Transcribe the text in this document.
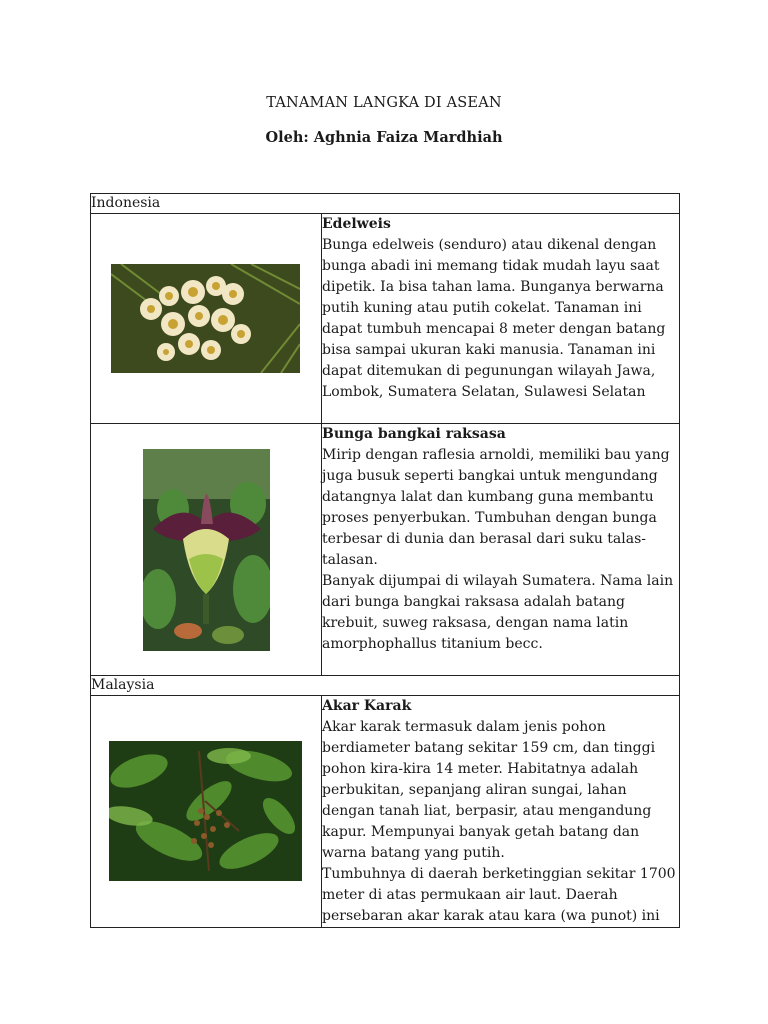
TANAMAN LANGKA DI ASEAN
Oleh: Aghnia Faiza Mardhiah
Indonesia	

Edelweis
Bunga edelweis (senduro) atau dikenal dengan bunga abadi ini memang tidak mudah layu saat dipetik. Ia bisa tahan lama. Bunganya berwarna putih kuning atau putih cokelat. Tanaman ini dapat tumbuh mencapai 8 meter dengan batang bisa sampai ukuran kaki manusia. Tanaman ini dapat ditemukan di pegunungan wilayah Jawa, Lombok, Sumatera Selatan, Sulawesi Selatan

Bunga bangkai raksasa
Mirip dengan raflesia arnoldi, memiliki bau yang juga busuk seperti bangkai untuk mengundang datangnya lalat dan kumbang guna membantu proses penyerbukan. Tumbuhan dengan bunga terbesar di dunia dan berasal dari suku talas-talasan.
Banyak dijumpai di wilayah Sumatera. Nama lain dari bunga bangkai raksasa adalah batang krebuit, suweg raksasa, dengan nama latin amorphophallus titanium becc.

Malaysia	

Akar Karak
Akar karak termasuk dalam jenis pohon berdiameter batang sekitar 159 cm, dan tinggi pohon kira-kira 14 meter. Habitatnya adalah perbukitan, sepanjang aliran sungai, lahan dengan tanah liat, berpasir, atau mengandung kapur. Mempunyai banyak getah batang dan warna batang yang putih.
Tumbuhnya di daerah berketinggian sekitar 1700 meter di atas permukaan air laut. Daerah persebaran akar karak atau kara (wa punot) ini
